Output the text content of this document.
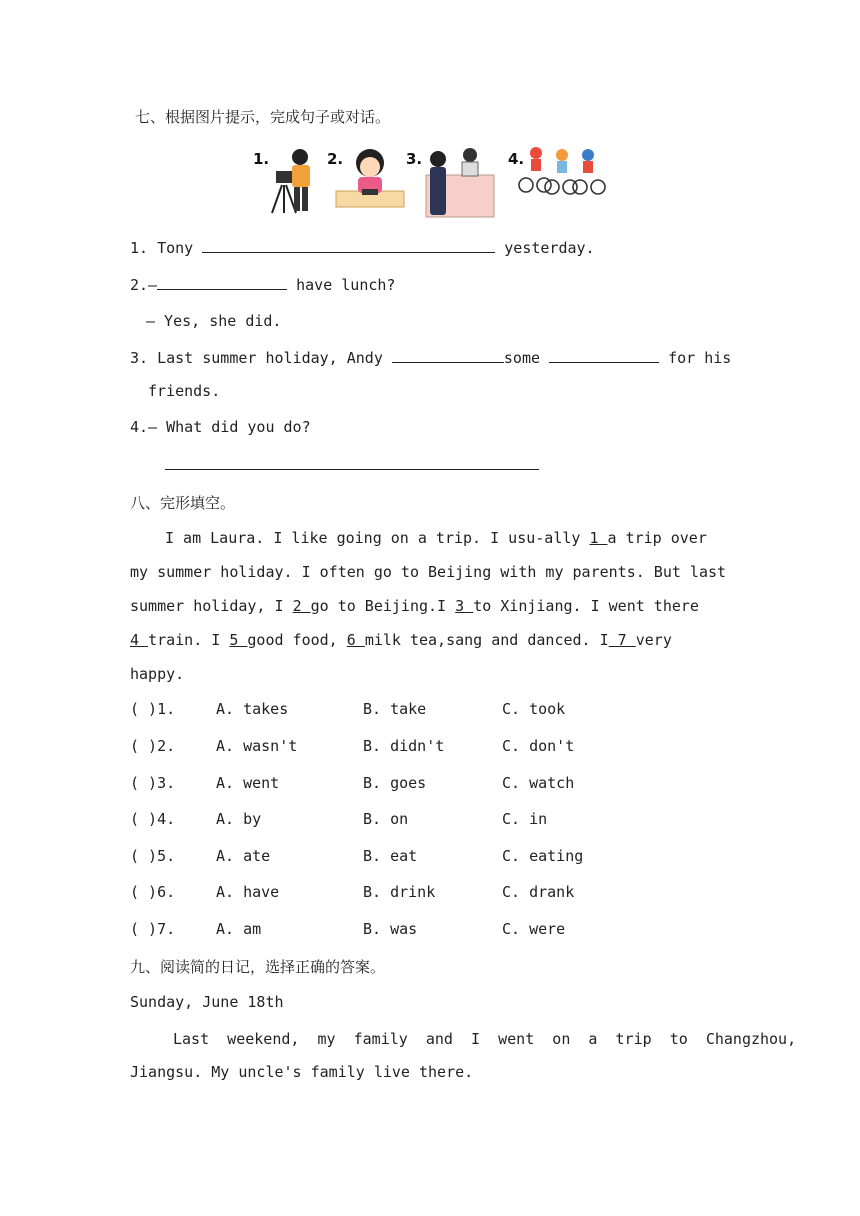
七、根据图片提示，完成句子或对话。
1.	2.	3.	4.
1. Tony	yesterday.
2.—	have lunch?
— Yes, she did.
3. Last summer holiday, Andy	some	for his
friends.
4.— What did you do?
八、完形填空。
I am Laura. I like going on a trip. I usu-ally 1 a trip over
my summer holiday. I often go to Beijing with my parents. But last
summer holiday, I 2 go to Beijing.I 3 to Xinjiang. I went there
4 train. I 5 good food, 6 milk tea,sang and danced. I 7 very
happy.
( )1.	A. takes	B. take	C. took
( )2.	A. wasn't	B. didn't	C. don't
( )3.	A. went	B. goes	C. watch
( )4.	A. by	B. on	C. in
( )5.	A. ate	B. eat	C. eating
( )6.	A. have	B. drink	C. drank
( )7.	A. am	B. was	C. were
九、阅读简的日记，选择正确的答案。
Sunday, June 18th
Last  weekend,  my  family  and  I  went  on  a  trip  to  Changzhou,
Jiangsu. My uncle's family live there.
